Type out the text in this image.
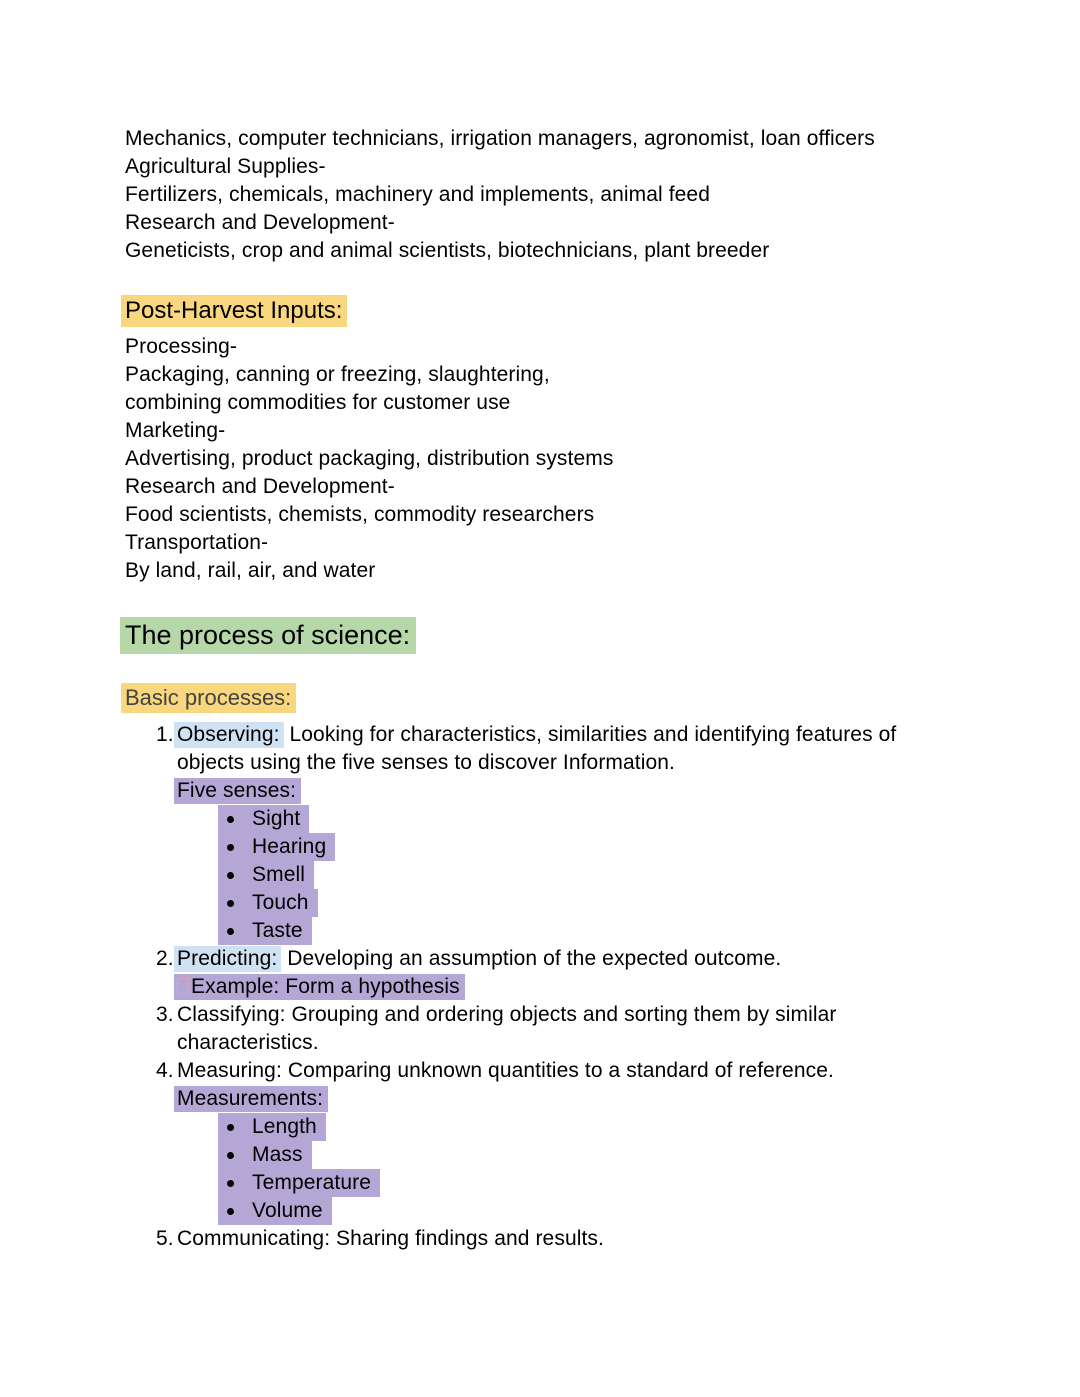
Mechanics, computer technicians, irrigation managers, agronomist, loan officers
Agricultural Supplies-
Fertilizers, chemicals, machinery and implements, animal feed
Research and Development-
Geneticists, crop and animal scientists, biotechnicians, plant breeder
Post-Harvest Inputs:
Processing-
Packaging, canning or freezing, slaughtering,
combining commodities for customer use
Marketing-
Advertising, product packaging, distribution systems
Research and Development-
Food scientists, chemists, commodity researchers
Transportation-
By land, rail, air, and water
The process of science:
Basic processes:
1. Observing: Looking for characteristics, similarities and identifying features of objects using the five senses to discover Information.
Five senses:
Sight
Hearing
Smell
Touch
Taste
2. Predicting: Developing an assumption of the expected outcome.
Example: Form a hypothesis
3. Classifying: Grouping and ordering objects and sorting them by similar characteristics.
4. Measuring: Comparing unknown quantities to a standard of reference.
Measurements:
Length
Mass
Temperature
Volume
5. Communicating: Sharing findings and results.
